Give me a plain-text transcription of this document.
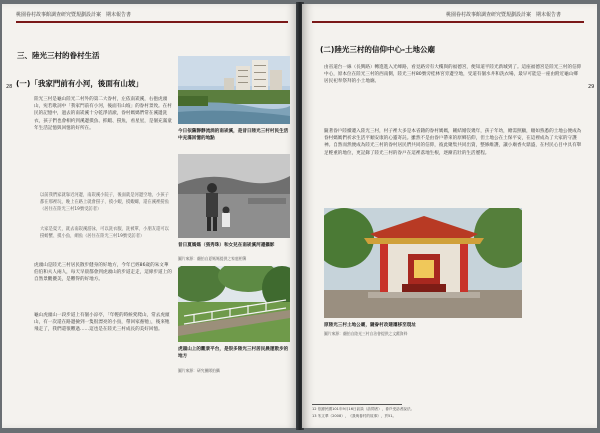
桃園眷村故事館調查研究暨規劃設計案　期末報告書
28
三、陸光三村的眷村生活
(一)「我家門前有小河，後面有山坡」
陸光三村是龜山陸光二村外的第二大眷村，左依南崁溪，右抱虎頭山，宛若歌詞中「我家門前有小河，後面有山坡」的眷村景致。在村民的記憶中，過去的南崁溪十分乾淨清澈，眷村媽媽們常在溪邊洗衣，孩子們也會相約到溪邊摸魚、抓蝦、撈魚，看星星，是個充滿童年生活記憶與回憶的好所在。
以前我們家就靠近河邊，南崁溪小院子，後面就是河邊空地，小孩子都在那裡玩，晚上在路上就會撈子、摸小蝦，摸蝦螺，還在溪裡撈魚（居住在陸光三村19號受訪者）
大家是夏天，就去南崁溪游泳，可以洗衣服、洗被單，小朋友還可以撈螃蟹、摸小魚，網魚（居住在陸光三村19號受訪者）
虎頭山是陸光三村居民散步健身的好地方，今年已經86歲的朱文華伯伯和夫人兩人，每天早晨都會到虎頭山的步道走走，這條步道上的自然景觀優美，是難得的好地方。
龜山虎頭山一段步道上有個小涼亭，「年輕的時候愛爬山，常去虎頭山，有一次還在路邊撿到一隻很漂亮的小鳥，帶回家養牠」，後來牠飛走了，我們還很難過……這也是在陸光三村成長的美好回憶。
今日依舊靜靜流淌的南崁溪，是昔日陸光三村村民生活中充滿回憶的地點
昔日夏媽媽（張秀珠）和女兒在南崁溪河邊攝影
圖片來源：翻拍自夏媽媽提供之家庭相簿
虎頭山上的觀景平台，是很多陸光三村居民晨運散步的地方
圖片來源：研究團隊拍攝
桃園眷村故事館調查研究暨規劃設計案　期末報告書
29
(二)陸光三村的信仰中心-土地公廟
由省道台一線（長興路）轉進進入光峰路，看見路旁有大樓與的福德宮，便知道平陸光新城到了。這座福德宮是陸光三村的信仰中心，原本位在陸光三村的西南側，陸光三村80號旁桂林宮旁邊空地，受道有個水井和洗衣場，最早可能是一座由附近龜山鄉居民祀奉祭拜的小土地廟。
隨著眷戶陸續遷入陸光三村，村子裡大多是本省籍的眷村媽媽，剛結婚沒幾年，孩子年幼，總需照顧，順如熟悉的土地公便成為眷村媽媽們祈求生活平順安康的心靈寄託。雖然不是由眷戶帶來的原鄉信仰，但土地公在土保平安，在這裡成為了大家的守護神。自然而然便成為陸光三村的眷村居民們共同的信仰，彼此聚集共同出資，整修維護，讓小廟香火鼎盛，在村民心目中具有舉足輕重的地位，更記錄了陸光三村的眷戶在這裡落地生根，逐漸茁壯的生活歷程。
原陸光三村土地公廟，隨眷村改建遷移至現址
圖片來源：翻拍自陸光三村自治會提供之文獻資料
12 依據民國101年9月16日訪談（訪問者），眷戶受訪者說法。
13 朱文華（2008），《我與眷村的故事》，頁51。
